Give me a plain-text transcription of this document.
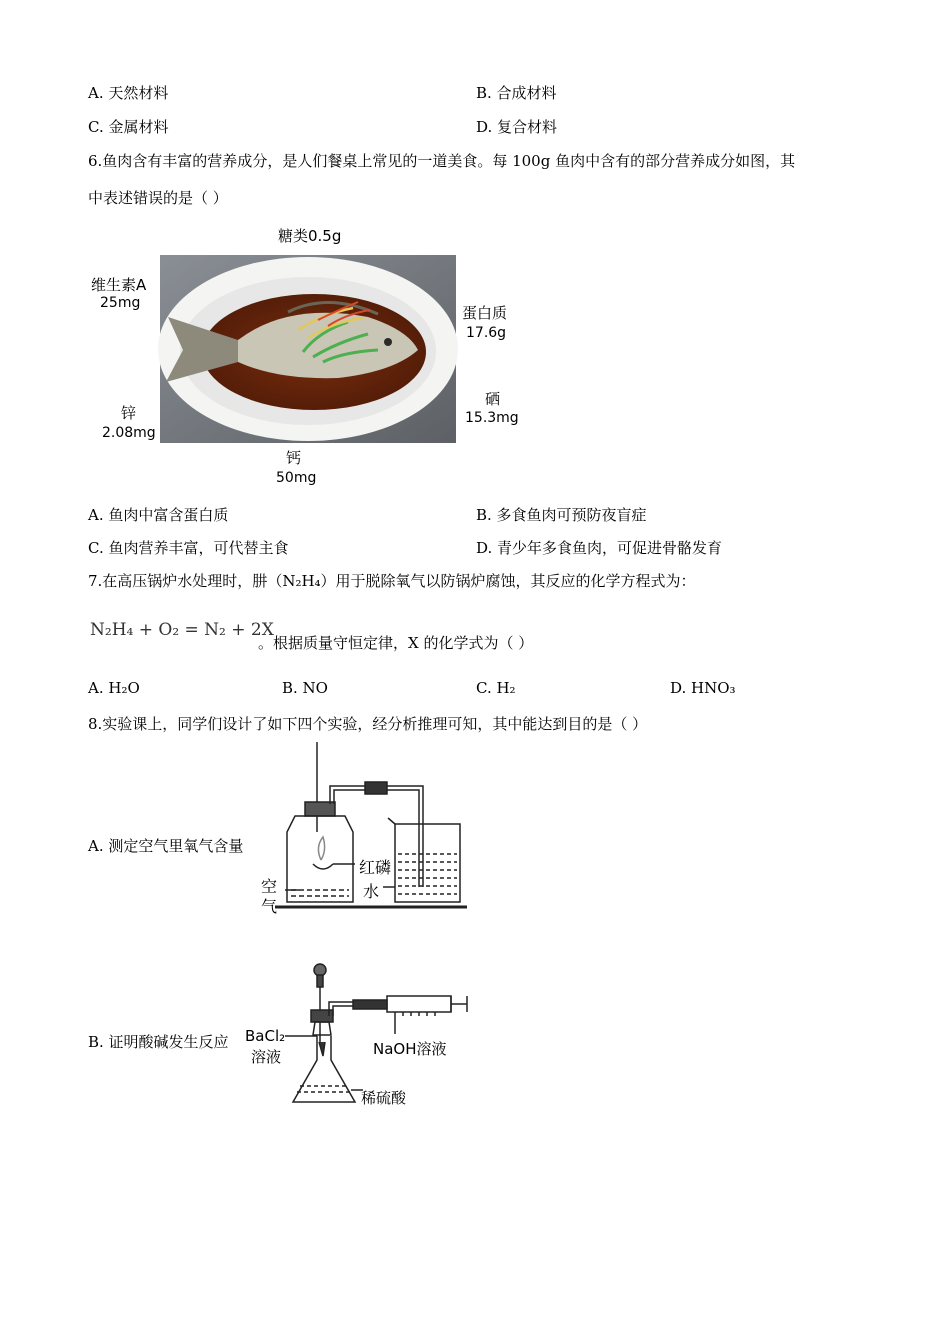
A. 天然材料	B. 合成材料
C. 金属材料	D. 复合材料
6.鱼肉含有丰富的营养成分，是人们餐桌上常见的一道美食。每 100g 鱼肉中含有的部分营养成分如图，其
中表述错误的是（ ）
糖类0.5g
维生素A
25mg
蛋白质
17.6g
锌
2.08mg
硒
15.3mg
钙
50mg
A. 鱼肉中富含蛋白质	B. 多食鱼肉可预防夜盲症
C. 鱼肉营养丰富，可代替主食	D. 青少年多食鱼肉，可促进骨骼发育
7.在高压锅炉水处理时，肼（N₂H₄）用于脱除氧气以防锅炉腐蚀，其反应的化学方程式为：
N₂H₄ + O₂ = N₂ + 2X
。根据质量守恒定律，X 的化学式为（ ）
A. H₂O	B. NO	C. H₂	D. HNO₃
8.实验课上，同学们设计了如下四个实验，经分析推理可知，其中能达到目的是（ ）
A. 测定空气里氧气含量
红磷
水
空
气
B. 证明酸碱发生反应 BaCl₂
溶液	NaOH溶液
稀硫酸
